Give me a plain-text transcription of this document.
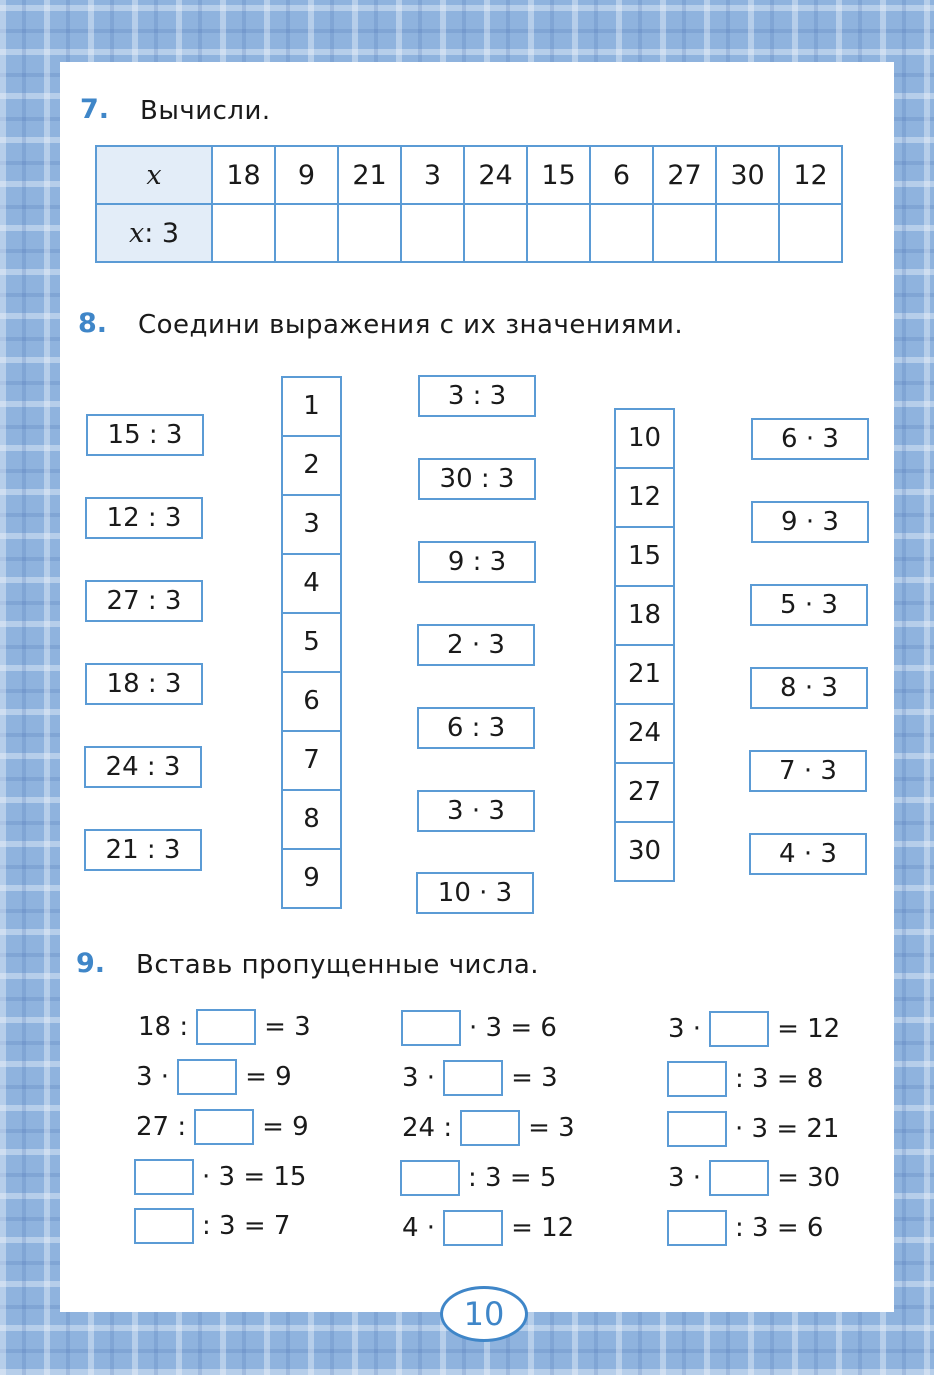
7. Вычисли.
x	18	9	21	3	24	15	6	27	30	12
x: 3										
8. Соедини выражения с их значениями.
15 : 3
12 : 3
27 : 3
18 : 3
24 : 3
21 : 3
1
2
3
4
5
6
7
8
9
3 : 3
30 : 3
9 : 3
2 · 3
6 : 3
3 · 3
10 · 3
10
12
15
18
21
24
27
30
6 · 3
9 · 3
5 · 3
8 · 3
7 · 3
4 · 3
9. Вставь пропущенные числа.
18 :	= 3
3 ·	= 9
27 :	= 9
· 3 = 15
: 3 = 7
· 3 = 6
3 ·	= 3
24 :	= 3
: 3 = 5
4 ·	= 12
3 ·	= 12
: 3 = 8
· 3 = 21
3 ·	= 30
: 3 = 6
10
